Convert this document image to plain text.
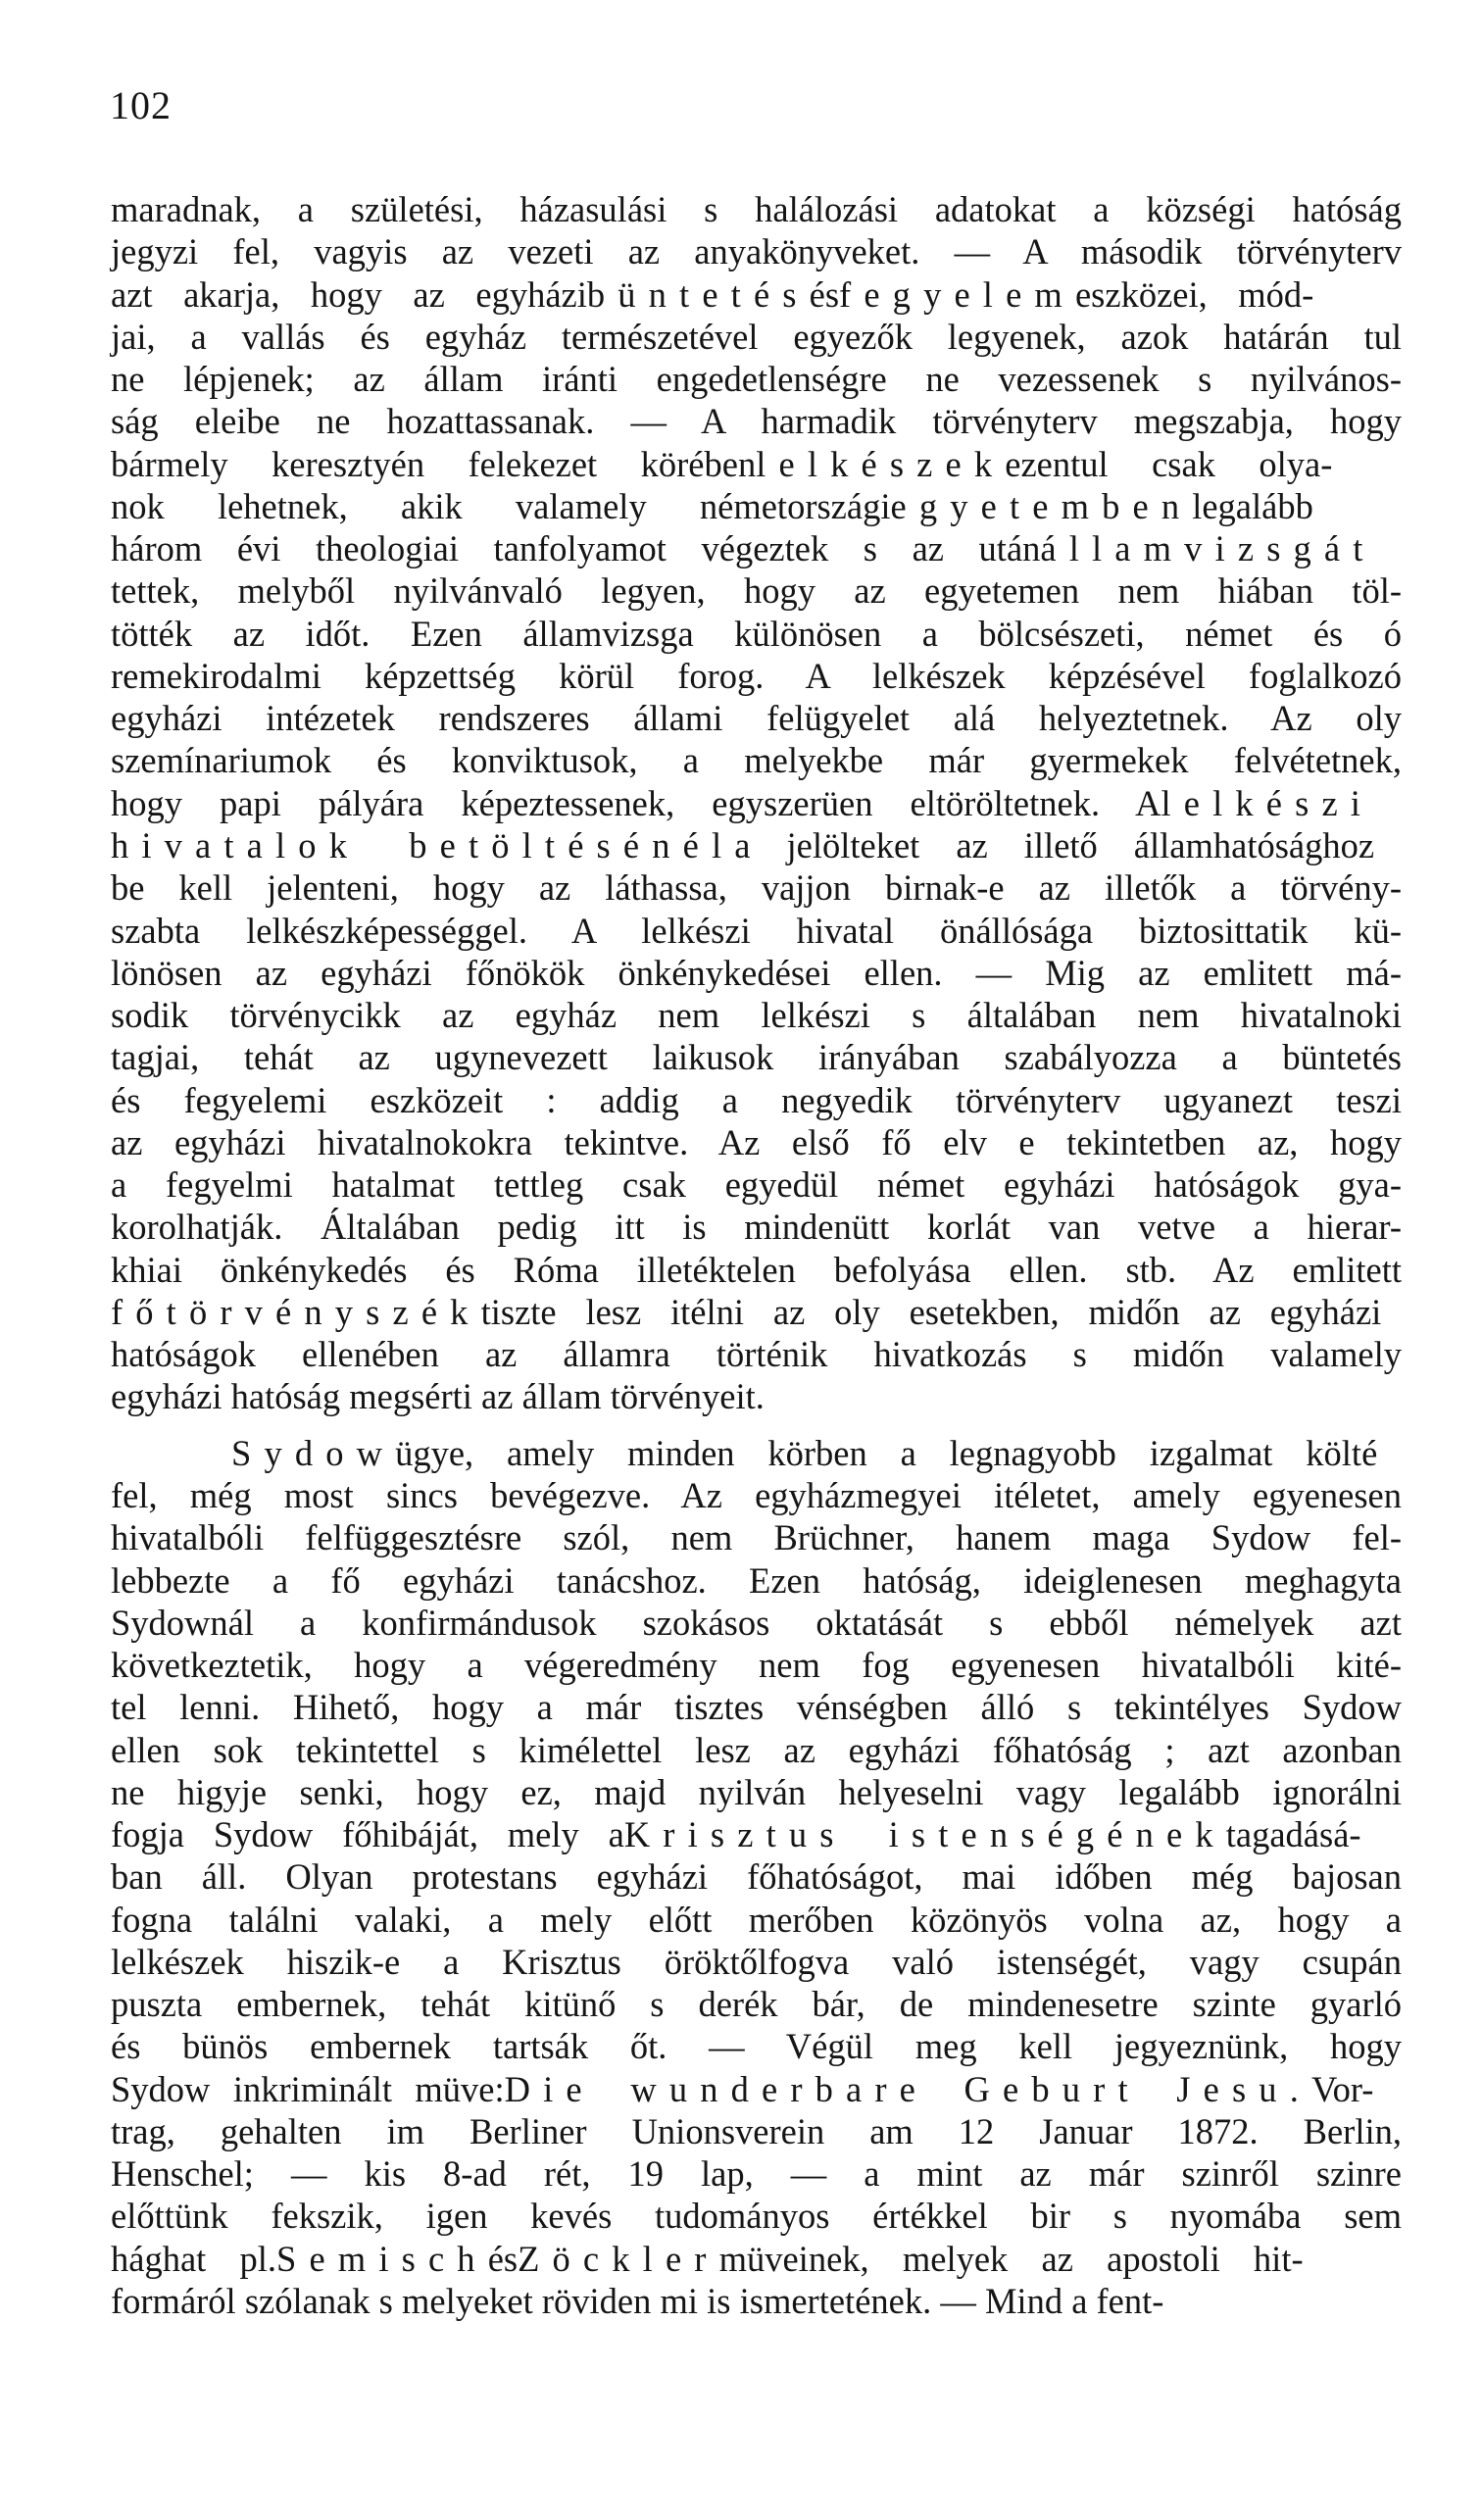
102
maradnak, a születési, házasulási s halálozási adatokat a községi hatóság
jegyzi fel, vagyis az vezeti az anyakönyveket. — A második törvényterv
azt akarja, hogy az egyházibüntetésésfegyelemeszközei, mód-
jai, a vallás és egyház természetével egyezők legyenek, azok határán tul
ne lépjenek; az állam iránti engedetlenségre ne vezessenek s nyilvános-
ság eleibe ne hozattassanak. — A harmadik törvényterv megszabja, hogy
bármely keresztyén felekezet körébenlelkészekezentul csak olya-
nok lehetnek, akik valamely németországiegyetembenlegalább
három évi theologiai tanfolyamot végeztek s az utánállamvizsgát
tettek, melyből nyilvánvaló legyen, hogy az egyetemen nem hiában töl-
tötték az időt. Ezen államvizsga különösen a bölcsészeti, német és ó
remekirodalmi képzettség körül forog. A lelkészek képzésével foglalkozó
egyházi intézetek rendszeres állami felügyelet alá helyeztetnek. Az oly
szemínariumok és konviktusok, a melyekbe már gyermekek felvétetnek,
hogy papi pályára képeztessenek, egyszerüen eltöröltetnek. Alelkészi
hivatalok betöltésénéla jelölteket az illető államhatósághoz
be kell jelenteni, hogy az láthassa, vajjon birnak-e az illetők a törvény-
szabta lelkészképességgel. A lelkészi hivatal önállósága biztosittatik kü-
lönösen az egyházi főnökök önkénykedései ellen. — Mig az emlitett má-
sodik törvénycikk az egyház nem lelkészi s általában nem hivatalnoki
tagjai, tehát az ugynevezett laikusok irányában szabályozza a büntetés
és fegyelemi eszközeit : addig a negyedik törvényterv ugyanezt teszi
az egyházi hivatalnokokra tekintve. Az első fő elv e tekintetben az, hogy
a fegyelmi hatalmat tettleg csak egyedül német egyházi hatóságok gya-
korolhatják. Általában pedig itt is mindenütt korlát van vetve a hierar-
khiai önkénykedés és Róma illetéktelen befolyása ellen. stb. Az emlitett
főtörvényszéktiszte lesz itélni az oly esetekben, midőn az egyházi
hatóságok ellenében az államra történik hivatkozás s midőn valamely
egyházi hatóság megsérti az állam törvényeit.
Sydowügye, amely minden körben a legnagyobb izgalmat költé
fel, még most sincs bevégezve. Az egyházmegyei itéletet, amely egyenesen
hivatalbóli felfüggesztésre szól, nem Brüchner, hanem maga Sydow fel-
lebbezte a fő egyházi tanácshoz. Ezen hatóság, ideiglenesen meghagyta
Sydownál a konfirmándusok szokásos oktatását s ebből némelyek azt
következtetik, hogy a végeredmény nem fog egyenesen hivatalbóli kité-
tel lenni. Hihető, hogy a már tisztes vénségben álló s tekintélyes Sydow
ellen sok tekintettel s kimélettel lesz az egyházi főhatóság ; azt azonban
ne higyje senki, hogy ez, majd nyilván helyeselni vagy legalább ignorálni
fogja Sydow főhibáját, mely aKrisztus istenségénektagadásá-
ban áll. Olyan protestans egyházi főhatóságot, mai időben még bajosan
fogna találni valaki, a mely előtt merőben közönyös volna az, hogy a
lelkészek hiszik-e a Krisztus öröktőlfogva való istenségét, vagy csupán
puszta embernek, tehát kitünő s derék bár, de mindenesetre szinte gyarló
és bünös embernek tartsák őt. — Végül meg kell jegyeznünk, hogy
Sydow inkriminált müve:Die wunderbare Geburt Jesu.Vor-
trag, gehalten im Berliner Unionsverein am 12 Januar 1872. Berlin,
Henschel; — kis 8-ad rét, 19 lap, — a mint az már szinről szinre
előttünk fekszik, igen kevés tudományos értékkel bir s nyomába sem
hághat pl.SemischésZöcklermüveinek, melyek az apostoli hit-
formáról szólanak s melyeket röviden mi is ismertetének. — Mind a fent-
